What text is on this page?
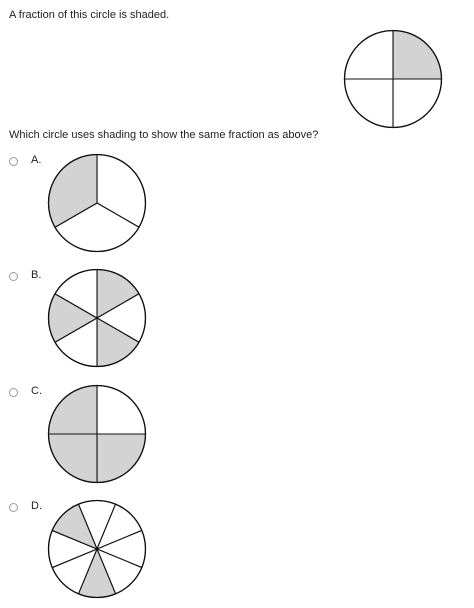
A fraction of this circle is shaded.
Which circle uses shading to show the same fraction as above?
A.
B.
C.
D.
